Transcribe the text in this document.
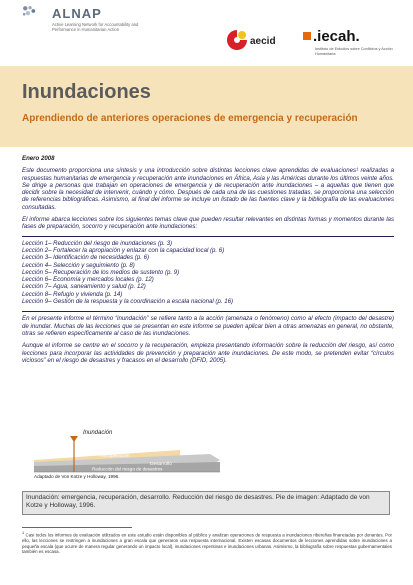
ALNAP
Active Learning Network for Accountability and Performance in Humanitarian Action
aecid .iecah.
Instituto de Estudios sobre Conflictos y Acción Humanitaria
Inundaciones
Aprendiendo de anteriores operaciones de emergencia y recuperación

Enero 2008

Este documento proporciona una síntesis y una introducción sobre distintas lecciones clave aprendidas de evaluaciones¹ realizadas a respuestas humanitarias de emergencia y recuperación ante inundaciones en África, Asia y las Américas durante los últimos veinte años. Se dirige a personas que trabajan en operaciones de emergencia y de recuperación ante inundaciones – a aquellas que tienen que decidir sobre la necesidad de intervenir, cuándo y cómo. Después de cada una de las cuestiones tratadas, se proporciona una selección de referencias bibliográficas. Asimismo, al final del informe se incluye un listado de las fuentes clave y la bibliografía de las evaluaciones consultadas.

El informe abarca lecciones sobre los siguientes temas clave que pueden resultar relevantes en distintas formas y momentos durante las fases de preparación, socorro y recuperación ante inundaciones:

Lección 1– Reducción del riesgo de inundaciones (p. 3)

Lección 2– Fortalecer la apropiación y enlazar con la capacidad local (p. 6)

Lección 3– Identificación de necesidades (p. 6)

Lección 4– Selección y seguimiento (p. 8)

Lección 5– Recuperación de los medios de sustento (p. 9)

Lección 6– Economía y mercados locales (p. 12)

Lección 7– Agua, saneamiento y salud (p. 12)

Lección 8– Refugio y vivienda (p. 14)

Lección 9– Gestión de la respuesta y la coordinación a escala nacional (p. 16)

En el presente informe el término “inundación” se refiere tanto a la acción (amenaza o fenómeno) como al efecto (impacto del desastre) de inundar. Muchas de las lecciones que se presentan en este informe se pueden aplicar bien a otras amenazas en general, no obstante, otras se refieren específicamente al caso de las inundaciones.

Aunque el informe se centre en el socorro y la recuperación, empieza presentando información sobre la reducción del riesgo, así como lecciones para incorporar las actividades de prevención y preparación ante inundaciones. De este modo, se pretenden evitar “círculos viciosos” en el riesgo de desastres y fracasos en el desarrollo (DFID, 2005).

Recuperación
Desarrollo
Reducción del riesgo de desastres
Inundación
Adaptado de Von Kotze y Holloway, 1996.
Inundación: emergencia, recuperación, desarrollo. Reducción del riesgo de desastres. Pie de imagen: Adaptado de von Kotze y Holloway, 1996.
$^1$ Casi todos los informes de evaluación utilizados en este estudio están disponibles al público y analizan operaciones de respuesta a inundaciones ribereñas financiadas por donantes. Por ello, las lecciones se restringen a inundaciones a gran escala que generaron una respuesta internacional. Existen escasas documentos de lecciones aprendidas sobre inundaciones a pequeña escala (que ocurre de manera regular generando un impacto local), inundaciones repentinas e inundaciones urbanas. Asimismo, la bibliografía sobre respuestas gubernamentales también es escasa.
